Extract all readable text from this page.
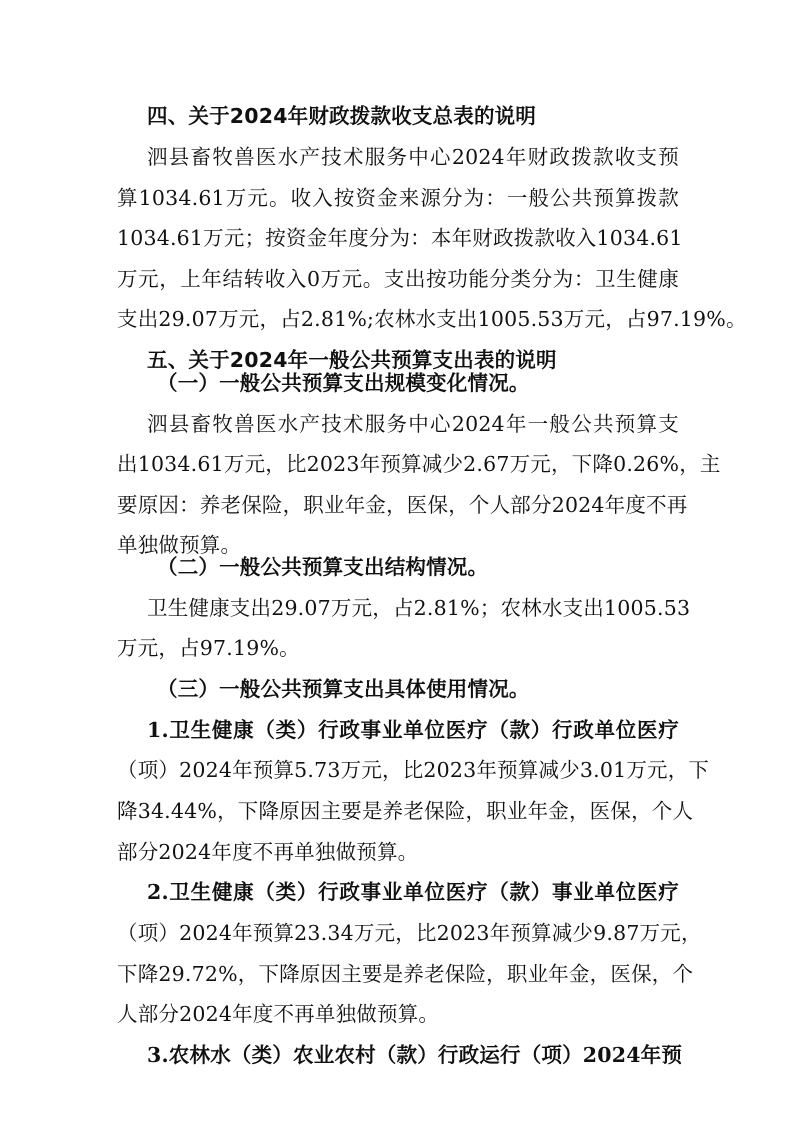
四、关于2024年财政拨款收支总表的说明
泗县畜牧兽医水产技术服务中心2024年财政拨款收支预
算1034.61万元。收入按资金来源分为：一般公共预算拨款
1034.61万元；按资金年度分为：本年财政拨款收入1034.61
万元，上年结转收入0万元。支出按功能分类分为：卫生健康
支出29.07万元，占2.81%;农林水支出1005.53万元，占97.19%。
五、关于2024年一般公共预算支出表的说明
（一）一般公共预算支出规模变化情况。
泗县畜牧兽医水产技术服务中心2024年一般公共预算支
出1034.61万元，比2023年预算减少2.67万元，下降0.26%，主
要原因：养老保险，职业年金，医保，个人部分2024年度不再
单独做预算。
（二）一般公共预算支出结构情况。
卫生健康支出29.07万元，占2.81%；农林水支出1005.53
万元，占97.19%。
（三）一般公共预算支出具体使用情况。
1.卫生健康（类）行政事业单位医疗（款）行政单位医疗
（项）2024年预算5.73万元，比2023年预算减少3.01万元，下
降34.44%，下降原因主要是养老保险，职业年金，医保，个人
部分2024年度不再单独做预算。
2.卫生健康（类）行政事业单位医疗（款）事业单位医疗
（项）2024年预算23.34万元，比2023年预算减少9.87万元，
下降29.72%，下降原因主要是养老保险，职业年金，医保，个
人部分2024年度不再单独做预算。
3.农林水（类）农业农村（款）行政运行（项）2024年预
